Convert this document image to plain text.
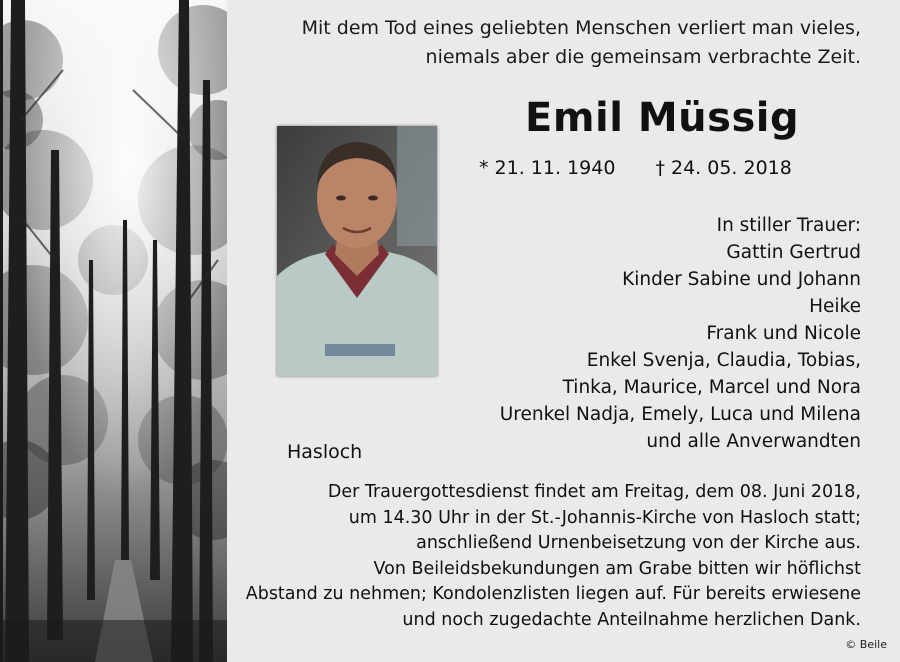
Mit dem Tod eines geliebten Menschen verliert man vieles,
niemals aber die gemeinsam verbrachte Zeit.
Emil Müssig
* 21. 11. 1940 † 24. 05. 2018
In stiller Trauer:
Gattin Gertrud
Kinder Sabine und Johann
Heike
Frank und Nicole
Enkel Svenja, Claudia, Tobias,
Tinka, Maurice, Marcel und Nora
Urenkel Nadja, Emely, Luca und Milena
und alle Anverwandten
Hasloch
Der Trauergottesdienst findet am Freitag, dem 08. Juni 2018,
um 14.30 Uhr in der St.-Johannis-Kirche von Hasloch statt;
anschließend Urnenbeisetzung von der Kirche aus.
Von Beileidsbekundungen am Grabe bitten wir höflichst
Abstand zu nehmen; Kondolenzlisten liegen auf. Für bereits erwiesene
und noch zugedachte Anteilnahme herzlichen Dank.
© Beile
